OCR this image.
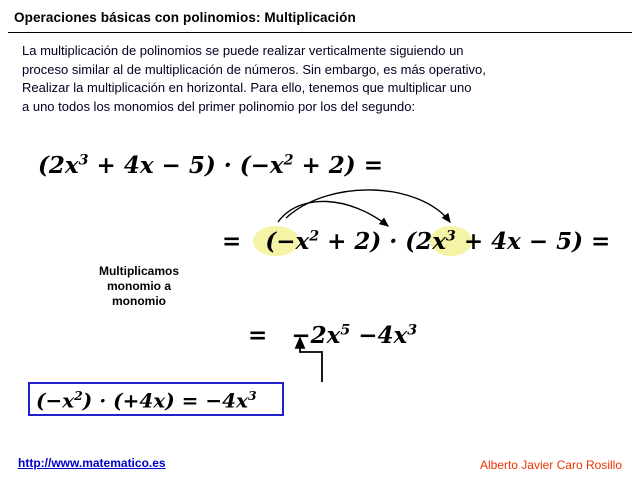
Operaciones básicas con polinomios: Multiplicación
La multiplicación de polinomios se puede realizar verticalmente siguiendo un
proceso similar al de multiplicación de números. Sin embargo, es más operativo,
Realizar la multiplicación en horizontal. Para ello, tenemos que multiplicar uno
a uno todos los monomios del primer polinomio por los del segundo:
$(2x^3 + 4x - 5) \cdot (-x^2 + 2)$ =
= $(-x^2 + 2) \cdot (2x^3 + 4x - 5)$ =
Multiplicamos
monomio a
monomio
= $-2x^5 -4x^3$
$(-x^2) \cdot (+4x) = -4x^3$
http://www.matematico.es	Alberto Javier Caro Rosillo
